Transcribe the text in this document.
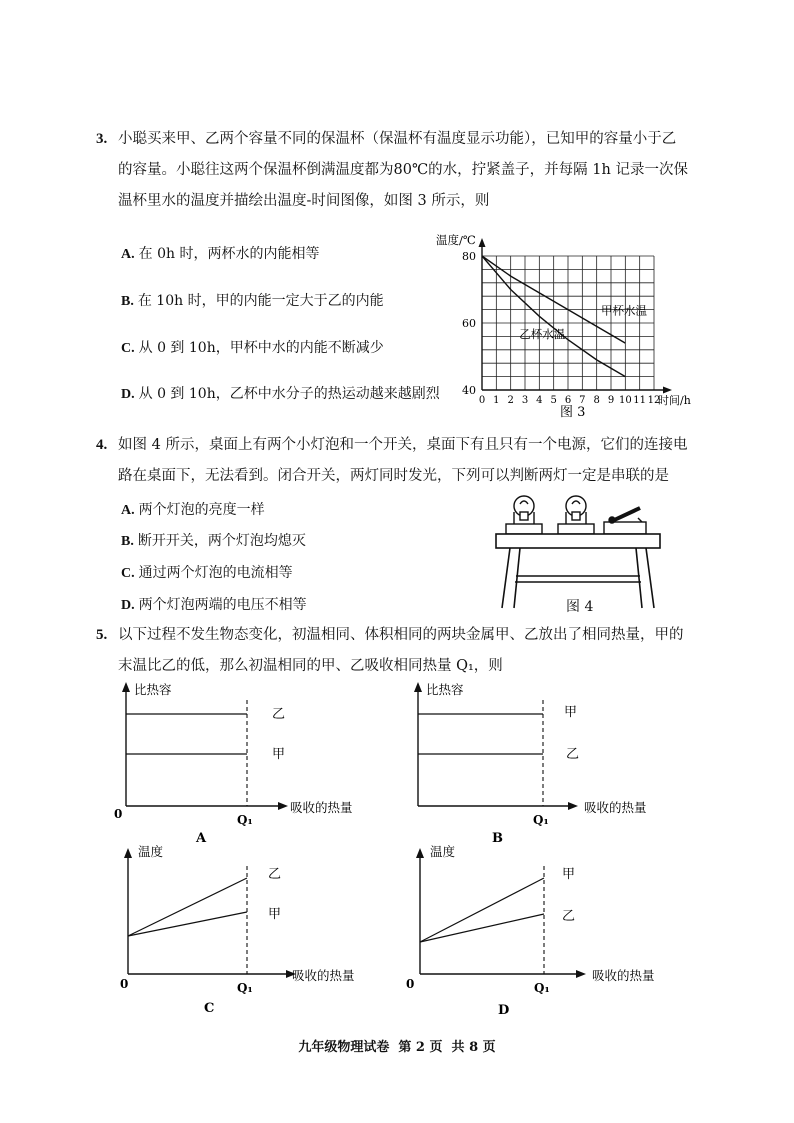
3. 小聪买来甲、乙两个容量不同的保温杯（保温杯有温度显示功能），已知甲的容量小于乙
的容量。小聪往这两个保温杯倒满温度都为80℃的水，拧紧盖子，并每隔 1h 记录一次保
温杯里水的温度并描绘出温度-时间图像，如图 3 所示，则
A. 在 0h 时，两杯水的内能相等
B. 在 10h 时，甲的内能一定大于乙的内能
C. 从 0 到 10h，甲杯中水的内能不断减少
D. 从 0 到 10h，乙杯中水分子的热运动越来越剧烈	0 1 2 3 4 5 6 7 8 9 10 11 12
40
60
80
温度/℃
时间/h
图 3
甲杯水温
乙杯水温
4. 如图 4 所示，桌面上有两个小灯泡和一个开关，桌面下有且只有一个电源，它们的连接电
路在桌面下，无法看到。闭合开关，两灯同时发光，下列可以判断两灯一定是串联的是
A. 两个灯泡的亮度一样
B. 断开开关，两个灯泡均熄灭
C. 通过两个灯泡的电流相等
D. 两个灯泡两端的电压不相等	图 4
5. 以下过程不发生物态变化，初温相同、体积相同的两块金属甲、乙放出了相同热量，甲的
末温比乙的低，那么初温相同的甲、乙吸收相同热量 Q₁，则
比热容
吸收的热量
0	Q₁
乙
甲
A
比热容
吸收的热量
Q₁
甲
乙
B
温度
吸收的热量
0	Q₁
乙
甲
C
温度
吸收的热量
0	Q₁
甲
乙
D
九年级物理试卷  第 2 页  共 8 页
